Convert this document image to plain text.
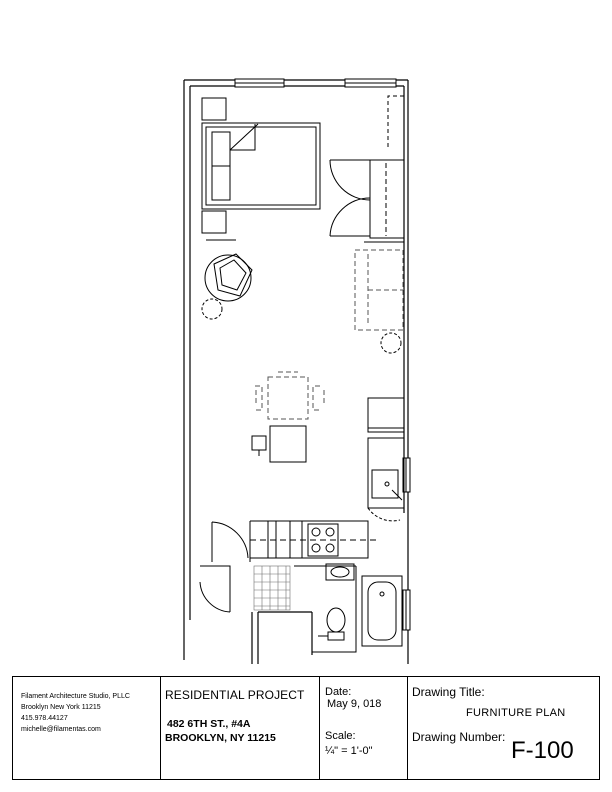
Filament Architecture Studio, PLLC
Brooklyn New York 11215
415.978.44127
michelle@filamentas.com
RESIDENTIAL PROJECT
482 6TH ST., #4A
BROOKLYN, NY 11215
Date:
May 9, 018
Scale:
¼" = 1'-0"
Drawing Title:
FURNITURE PLAN
Drawing Number: F-100
